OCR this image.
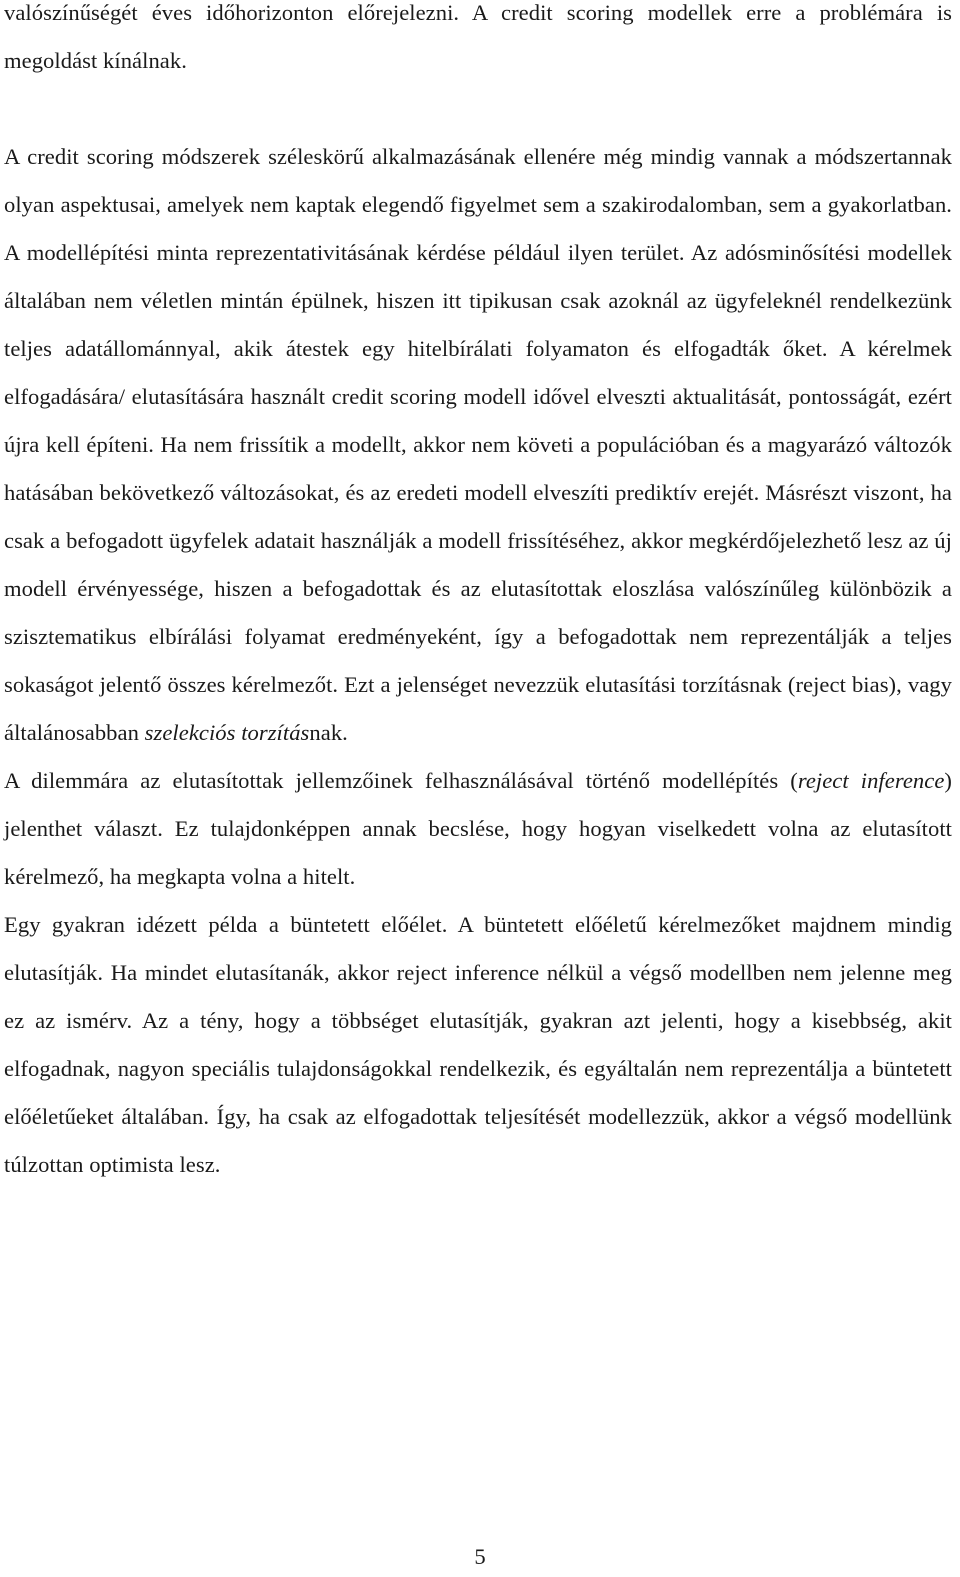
valószínűségét éves időhorizonton előrejelezni. A credit scoring modellek erre a problémára is megoldást kínálnak.

A credit scoring módszerek széleskörű alkalmazásának ellenére még mindig vannak a módszertannak olyan aspektusai, amelyek nem kaptak elegendő figyelmet sem a szakirodalomban, sem a gyakorlatban. A modellépítési minta reprezentativitásának kérdése például ilyen terület. Az adósminősítési modellek általában nem véletlen mintán épülnek, hiszen itt tipikusan csak azoknál az ügyfeleknél rendelkezünk teljes adatállománnyal, akik átestek egy hitelbírálati folyamaton és elfogadták őket. A kérelmek elfogadására/ elutasítására használt credit scoring modell idővel elveszti aktualitását, pontosságát, ezért újra kell építeni. Ha nem frissítik a modellt, akkor nem követi a populációban és a magyarázó változók hatásában bekövetkező változásokat, és az eredeti modell elveszíti prediktív erejét. Másrészt viszont, ha csak a befogadott ügyfelek adatait használják a modell frissítéséhez, akkor megkérdőjelezhető lesz az új modell érvényessége, hiszen a befogadottak és az elutasítottak eloszlása valószínűleg különbözik a szisztematikus elbírálási folyamat eredményeként, így a befogadottak nem reprezentálják a teljes sokaságot jelentő összes kérelmezőt. Ezt a jelenséget nevezzük elutasítási torzításnak (reject bias), vagy általánosabban szelekciós torzításnak.

A dilemmára az elutasítottak jellemzőinek felhasználásával történő modellépítés (reject inference) jelenthet választ. Ez tulajdonképpen annak becslése, hogy hogyan viselkedett volna az elutasított kérelmező, ha megkapta volna a hitelt.

Egy gyakran idézett példa a büntetett előélet. A büntetett előéletű kérelmezőket majdnem mindig elutasítják. Ha mindet elutasítanák, akkor reject inference nélkül a végső modellben nem jelenne meg ez az ismérv. Az a tény, hogy a többséget elutasítják, gyakran azt jelenti, hogy a kisebbség, akit elfogadnak, nagyon speciális tulajdonságokkal rendelkezik, és egyáltalán nem reprezentálja a büntetett előéletűeket általában. Így, ha csak az elfogadottak teljesítését modellezzük, akkor a végső modellünk túlzottan optimista lesz.

5
